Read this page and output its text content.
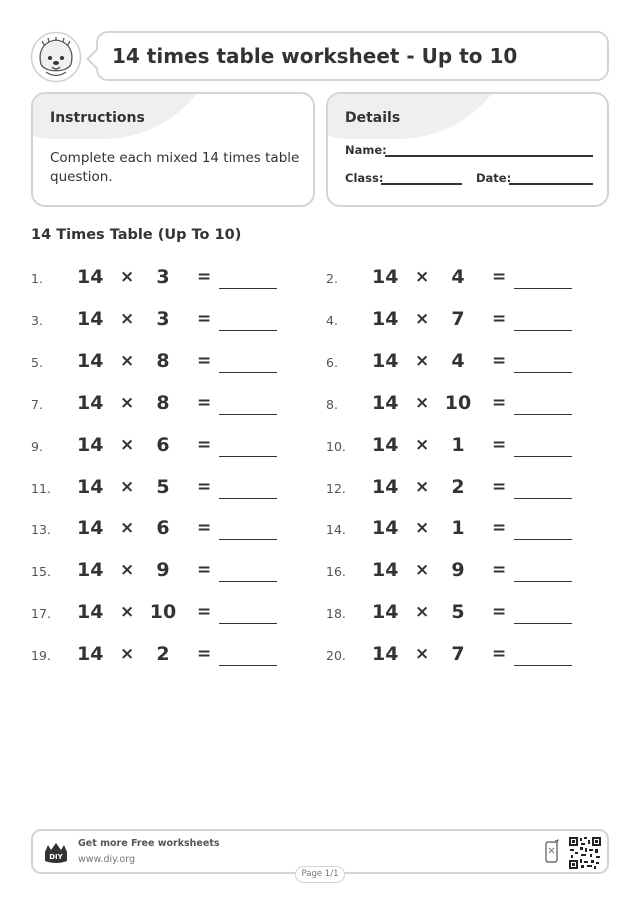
14 times table worksheet - Up to 10
Instructions
Complete each mixed 14 times table question.
Details
Name:
Class:	Date:
14 Times Table (Up To 10)
1. 14 ×	3	=	2. 14 ×	4	=
3. 14 ×	3	=	4. 14 ×	7	=
5. 14 ×	8	=	6. 14 ×	4	=
7. 14 ×	8	=	8. 14 × 10	=
9. 14 ×	6	=	10. 14 ×	1	=
11. 14 ×	5	=	12. 14 ×	2	=
13. 14 ×	6	=	14. 14 ×	1	=
15. 14 ×	9	=	16. 14 ×	9	=
17. 14 × 10	=	18. 14 ×	5	=
19. 14 ×	2	=	20. 14 ×	7	=
DIY
Get more Free worksheets
www.diy.org
Page 1/1
